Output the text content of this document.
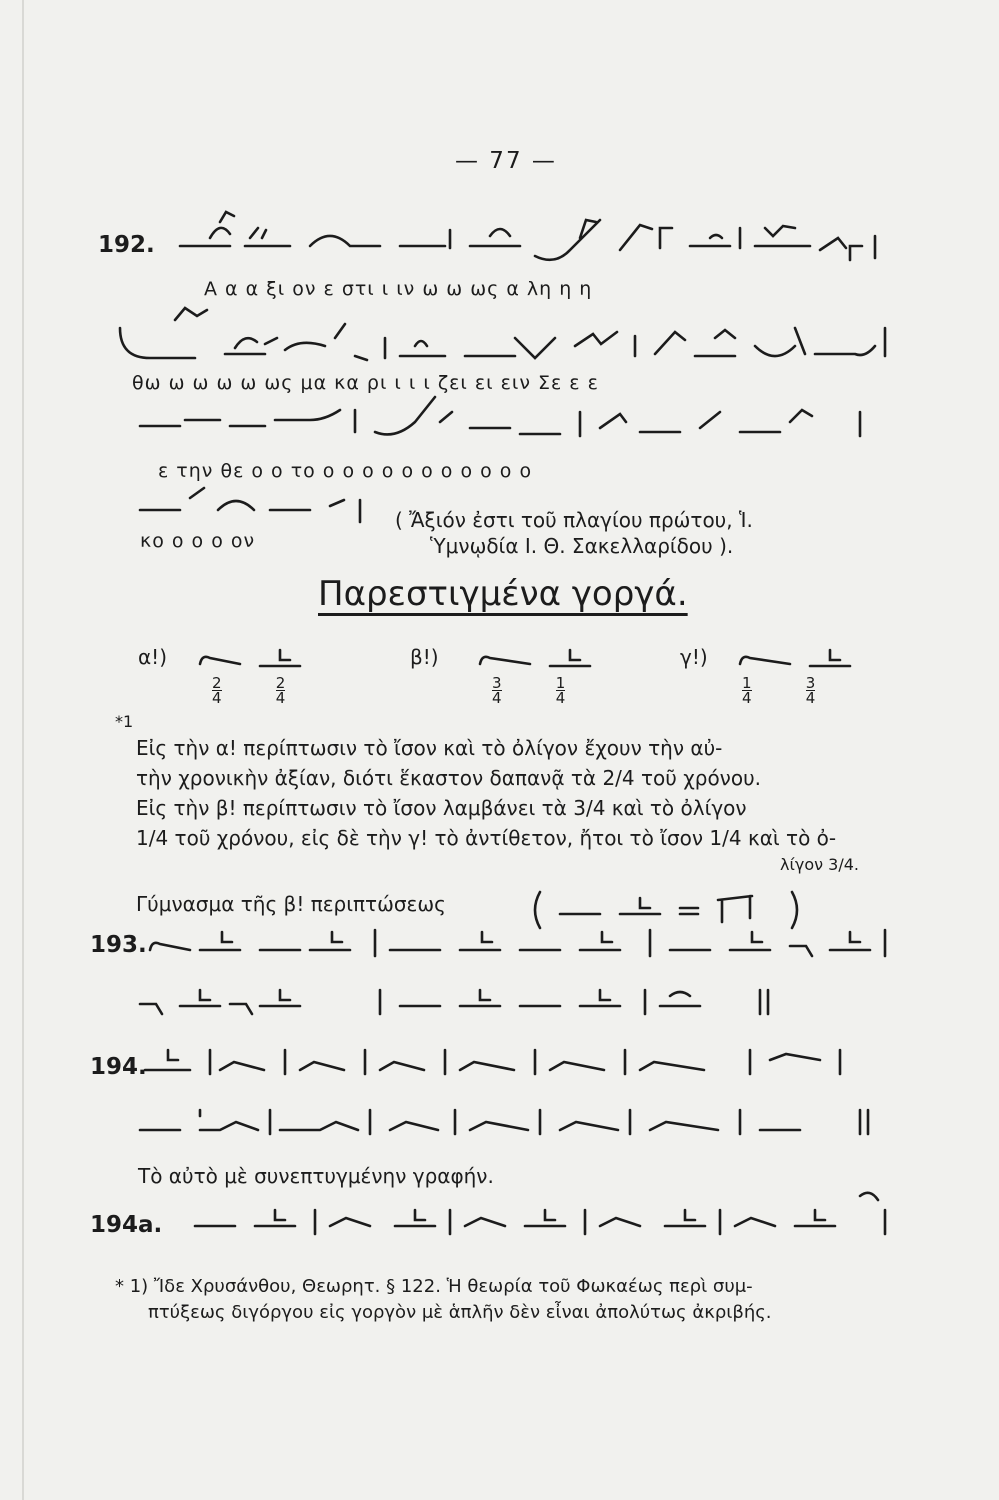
— 77 —
192.
Α α α ξι ον ε στι ι ιν ω ω ως α λη η η
θω ω ω ω ω ως μα κα ρι ι ι ι ζει ει ειν Σε ε ε
ε την θε ο ο το ο ο ο ο ο ο ο ο ο ο ο
κο ο ο ο ον
( Ἄξιόν ἐστι τοῦ πλαγίου πρώτου, Ἱ.
Ὑμνῳδία Ι. Θ. Σακελλαρίδου ).
Παρεστιγμένα γοργά.
α!)
$\frac{2}{4}$
	$\frac{2}{4}$
β!)
$\frac{3}{4}$
	$\frac{1}{4}$
γ!)
$\frac{1}{4}$
	$\frac{3}{4}$
*1
Εἰς τὴν α! περίπτωσιν τὸ ἴσον καὶ τὸ ὀλίγον ἔχουν τὴν αὐ-
τὴν χρονικὴν ἀξίαν, διότι ἕκαστον δαπανᾷ τὰ 2/4 τοῦ χρόνου.
Εἰς τὴν β! περίπτωσιν τὸ ἴσον λαμβάνει τὰ 3/4 καὶ τὸ ὀλίγον
1/4 τοῦ χρόνου, εἰς δὲ τὴν γ! τὸ ἀντίθετον, ἤτοι τὸ ἴσον 1/4 καὶ τὸ ὀ-
λίγον 3/4.
Γύμνασμα τῆς β! περιπτώσεως
193.
194.
Τὸ αὐτὸ μὲ συνεπτυγμένην γραφήν.
194a.
* 1) Ἴδε Χρυσάνθου, Θεωρητ. § 122. Ἡ θεωρία τοῦ Φωκαέως περὶ συμ-
πτύξεως διγόργου εἰς γοργὸν μὲ ἁπλῆν δὲν εἶναι ἀπολύτως ἀκριβής.
